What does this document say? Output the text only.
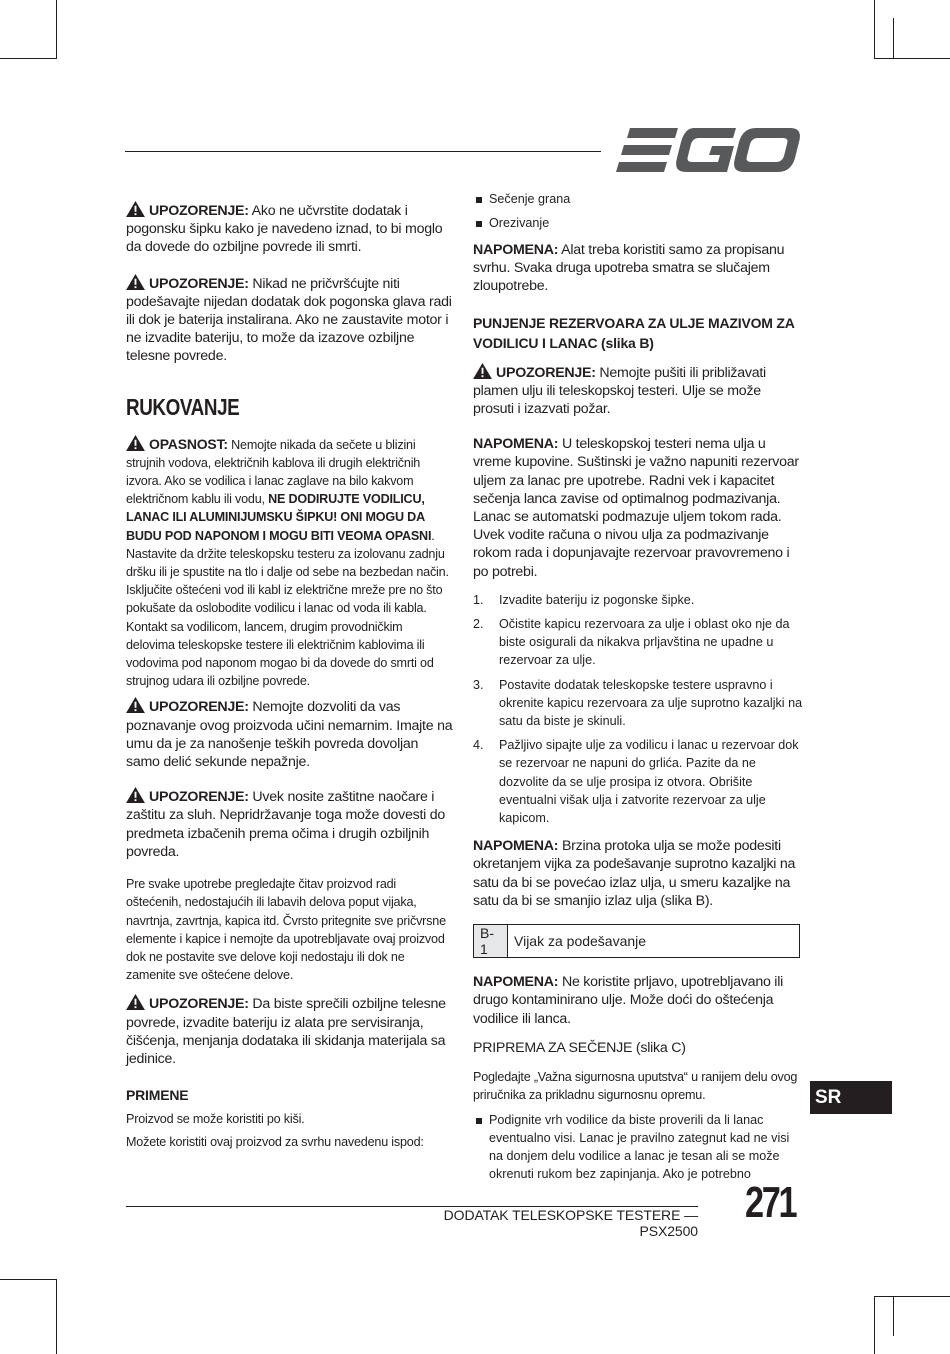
UPOZORENJE: Ako ne učvrstite dodatak i pogonsku šipku kako je navedeno iznad, to bi moglo da dovede do ozbiljne povrede ili smrti.

UPOZORENJE: Nikad ne pričvršćujte niti podešavajte nijedan dodatak dok pogonska glava radi ili dok je baterija instalirana. Ako ne zaustavite motor i ne izvadite bateriju, to može da izazove ozbiljne telesne povrede.

RUKOVANJE

OPASNOST: Nemojte nikada da sečete u blizini strujnih vodova, električnih kablova ili drugih električnih izvora. Ako se vodilica i lanac zaglave na bilo kakvom električnom kablu ili vodu, NE DODIRUJTE VODILICU, LANAC ILI ALUMINIJUMSKU ŠIPKU! ONI MOGU DA BUDU POD NAPONOM I MOGU BITI VEOMA OPASNI. Nastavite da držite teleskopsku testeru za izolovanu zadnju dršku ili je spustite na tlo i dalje od sebe na bezbedan način. Isključite oštećeni vod ili kabl iz električne mreže pre no što pokušate da oslobodite vodilicu i lanac od voda ili kabla. Kontakt sa vodilicom, lancem, drugim provodničkim delovima teleskopske testere ili električnim kablovima ili vodovima pod naponom mogao bi da dovede do smrti od strujnog udara ili ozbiljne povrede.

UPOZORENJE: Nemojte dozvoliti da vas poznavanje ovog proizvoda učini nemarnim. Imajte na umu da je za nanošenje teških povreda dovoljan samo delić sekunde nepažnje.

UPOZORENJE: Uvek nosite zaštitne naočare i zaštitu za sluh. Nepridržavanje toga može dovesti do predmeta izbačenih prema očima i drugih ozbiljnih povreda.

Pre svake upotrebe pregledajte čitav proizvod radi oštećenih, nedostajućih ili labavih delova poput vijaka, navrtnja, zavrtnja, kapica itd. Čvrsto pritegnite sve pričvrsne elemente i kapice i nemojte da upotrebljavate ovaj proizvod dok ne postavite sve delove koji nedostaju ili dok ne zamenite sve oštećene delove.

UPOZORENJE: Da biste sprečili ozbiljne telesne povrede, izvadite bateriju iz alata pre servisiranja, čišćenja, menjanja dodataka ili skidanja materijala sa jedinice.

PRIMENE

Proizvod se može koristiti po kiši.

Možete koristiti ovaj proizvod za svrhu navedenu ispod:

Sečenje grana
Orezivanje

NAPOMENA: Alat treba koristiti samo za propisanu svrhu. Svaka druga upotreba smatra se slučajem zloupotrebe.

PUNJENJE REZERVOARA ZA ULJE MAZIVOM ZA VODILICU I LANAC (slika B)

UPOZORENJE: Nemojte pušiti ili približavati plamen ulju ili teleskopskoj testeri. Ulje se može prosuti i izazvati požar.

NAPOMENA: U teleskopskoj testeri nema ulja u vreme kupovine. Suštinski je važno napuniti rezervoar uljem za lanac pre upotrebe. Radni vek i kapacitet sečenja lanca zavise od optimalnog podmazivanja. Lanac se automatski podmazuje uljem tokom rada. Uvek vodite računa o nivou ulja za podmazivanje rokom rada i dopunjavajte rezervoar pravovremeno i po potrebi.

1. Izvadite bateriju iz pogonske šipke.
2. Očistite kapicu rezervoara za ulje i oblast oko nje da biste osigurali da nikakva prljavština ne upadne u rezervoar za ulje.
3. Postavite dodatak teleskopske testere uspravno i okrenite kapicu rezervoara za ulje suprotno kazaljki na satu da biste je skinuli.
4. Pažljivo sipajte ulje za vodilicu i lanac u rezervoar dok se rezervoar ne napuni do grlića. Pazite da ne dozvolite da se ulje prosipa iz otvora. Obrišite eventualni višak ulja i zatvorite rezervoar za ulje kapicom.

NAPOMENA: Brzina protoka ulja se može podesiti okretanjem vijka za podešavanje suprotno kazaljki na satu da bi se povećao izlaz ulja, u smeru kazaljke na satu da bi se smanjio izlaz ulja (slika B).

B-1	Vijak za podešavanje

NAPOMENA: Ne koristite prljavo, upotrebljavano ili drugo kontaminirano ulje. Može doći do oštećenja vodilice ili lanca.

PRIPREMA ZA SEČENJE (slika C)

Pogledajte „Važna sigurnosna uputstva“ u ranijem delu ovog priručnika za prikladnu sigurnosnu opremu.

Podignite vrh vodilice da biste proverili da li lanac eventualno visi. Lanac je pravilno zategnut kad ne visi na donjem delu vodilice a lanac je tesan ali se može okrenuti rukom bez zapinjanja. Ako je potrebno
SR
DODATAK TELESKOPSKE TESTERE — PSX2500
271
